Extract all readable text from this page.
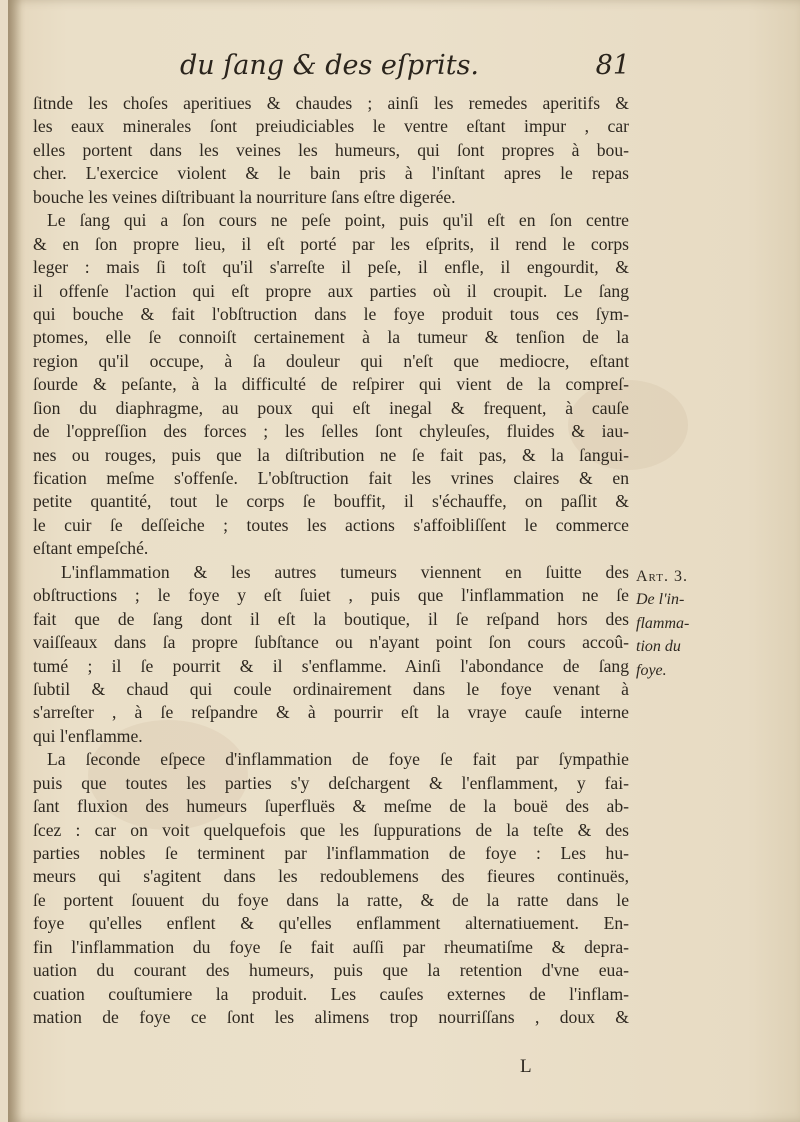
du ſang & des eſprits.	81
ſitnde les choſes aperitiues & chaudes ; ainſi les remedes aperitifs &
les eaux minerales ſont preiudiciables le ventre eſtant impur , car
elles portent dans les veines les humeurs, qui ſont propres à bou-
cher. L'exercice violent & le bain pris à l'inſtant apres le repas
bouche les veines diſtribuant la nourriture ſans eſtre digerée.
Le ſang qui a ſon cours ne peſe point, puis qu'il eſt en ſon centre
& en ſon propre lieu, il eſt porté par les eſprits, il rend le corps
leger : mais ſi toſt qu'il s'arreſte il peſe, il enfle, il engourdit, &
il offenſe l'action qui eſt propre aux parties où il croupit. Le ſang
qui bouche & fait l'obſtruction dans le foye produit tous ces ſym-
ptomes, elle ſe connoiſt certainement à la tumeur & tenſion de la
region qu'il occupe, à ſa douleur qui n'eſt que mediocre, eſtant
ſourde & peſante, à la difficulté de reſpirer qui vient de la compreſ-
ſion du diaphragme, au poux qui eſt inegal & frequent, à cauſe
de l'oppreſſion des forces ; les ſelles ſont chyleuſes, fluides & iau-
nes ou rouges, puis que la diſtribution ne ſe fait pas, & la ſangui-
fication meſme s'offenſe. L'obſtruction fait les vrines claires & en
petite quantité, tout le corps ſe bouffit, il s'échauffe, on paſlit &
le cuir ſe deſſeiche ; toutes les actions s'affoibliſſent le commerce
eſtant empeſché.
L'inflammation & les autres tumeurs viennent en ſuitte des
obſtructions ; le foye y eſt ſuiet , puis que l'inflammation ne ſe
fait que de ſang dont il eſt la boutique, il ſe reſpand hors des
vaiſſeaux dans ſa propre ſubſtance ou n'ayant point ſon cours accoû-
tumé ; il ſe pourrit & il s'enflamme. Ainſi l'abondance de ſang
ſubtil & chaud qui coule ordinairement dans le foye venant à
s'arreſter , à ſe reſpandre & à pourrir eſt la vraye cauſe interne
qui l'enflamme.
La ſeconde eſpece d'inflammation de foye ſe fait par ſympathie
puis que toutes les parties s'y deſchargent & l'enflamment, y fai-
ſant fluxion des humeurs ſuperfluës & meſme de la bouë des ab-
ſcez : car on voit quelquefois que les ſuppurations de la teſte & des
parties nobles ſe terminent par l'inflammation de foye : Les hu-
meurs qui s'agitent dans les redoublemens des fieures continuës,
ſe portent ſouuent du foye dans la ratte, & de la ratte dans le
foye qu'elles enflent & qu'elles enflamment alternatiuement. En-
fin l'inflammation du foye ſe fait auſſi par rheumatiſme & depra-
uation du courant des humeurs, puis que la retention d'vne eua-
cuation couſtumiere la produit. Les cauſes externes de l'inflam-
mation de foye ce ſont les alimens trop nourriſſans , doux &
Art. 3.
De l'in-
flamma-
tion du
foye.
L
